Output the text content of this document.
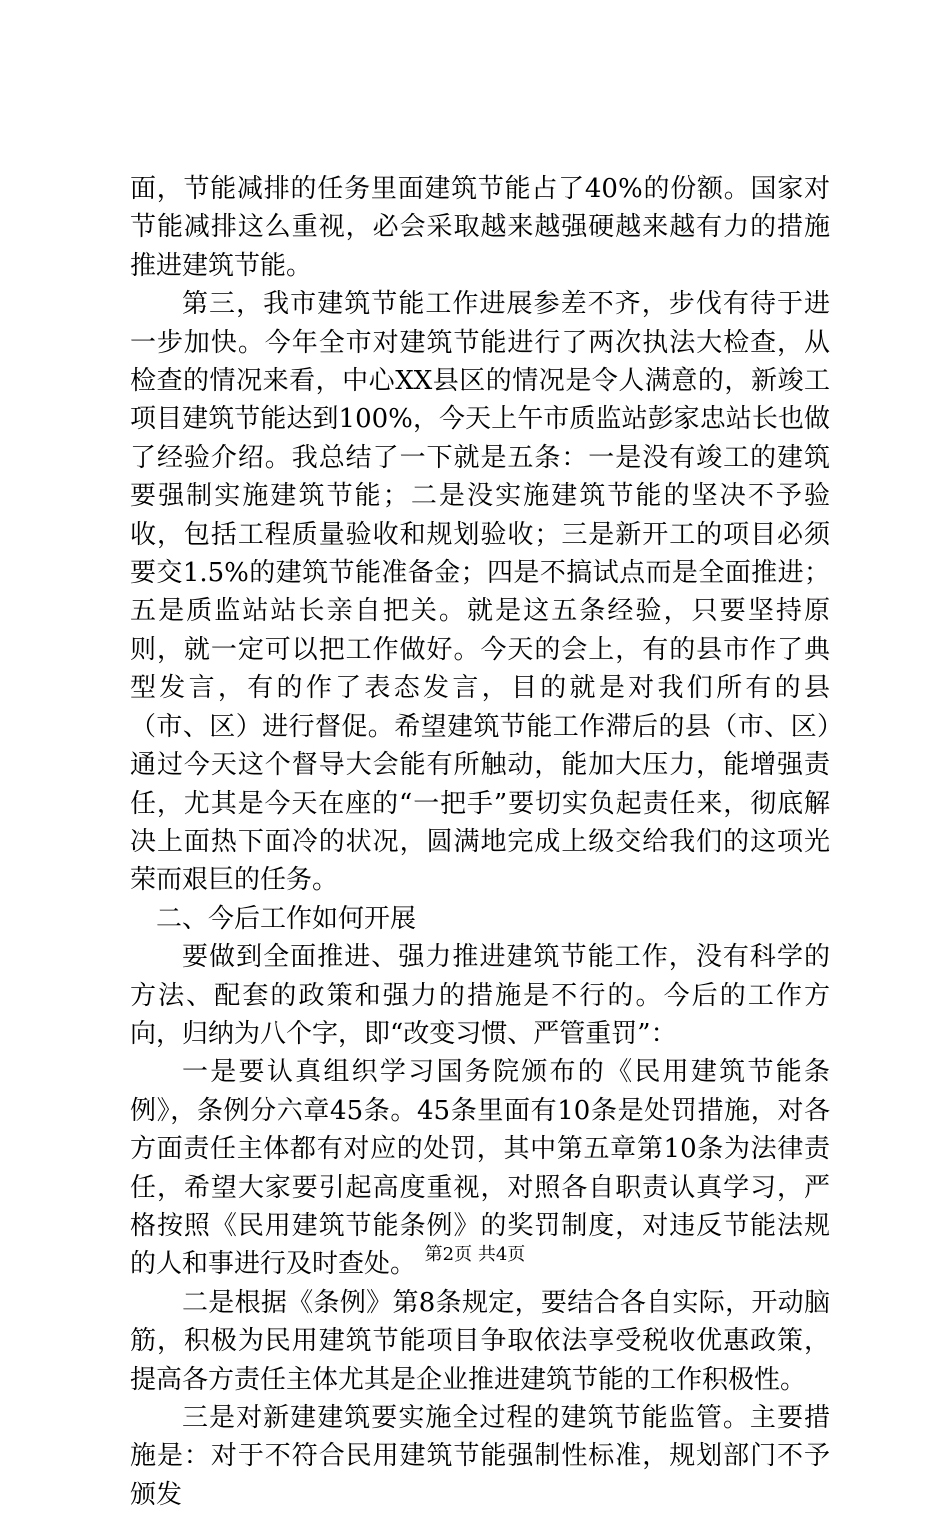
面，节能减排的任务里面建筑节能占了40%的份额。国家对节能减排这么重视，必会采取越来越强硬越来越有力的措施推进建筑节能。

第三，我市建筑节能工作进展参差不齐，步伐有待于进一步加快。今年全市对建筑节能进行了两次执法大检查，从检查的情况来看，中心XX县区的情况是令人满意的，新竣工项目建筑节能达到100%，今天上午市质监站彭家忠站长也做了经验介绍。我总结了一下就是五条：一是没有竣工的建筑要强制实施建筑节能；二是没实施建筑节能的坚决不予验收，包括工程质量验收和规划验收；三是新开工的项目必须要交1.5%的建筑节能准备金；四是不搞试点而是全面推进；五是质监站站长亲自把关。就是这五条经验，只要坚持原则，就一定可以把工作做好。今天的会上，有的县市作了典型发言，有的作了表态发言，目的就是对我们所有的县（市、区）进行督促。希望建筑节能工作滞后的县（市、区）通过今天这个督导大会能有所触动，能加大压力，能增强责任，尤其是今天在座的“一把手”要切实负起责任来，彻底解决上面热下面冷的状况，圆满地完成上级交给我们的这项光荣而艰巨的任务。

二、今后工作如何开展

要做到全面推进、强力推进建筑节能工作，没有科学的方法、配套的政策和强力的措施是不行的。今后的工作方向，归纳为八个字，即“改变习惯、严管重罚”：

一是要认真组织学习国务院颁布的《民用建筑节能条例》，条例分六章45条。45条里面有10条是处罚措施，对各方面责任主体都有对应的处罚，其中第五章第10条为法律责任，希望大家要引起高度重视，对照各自职责认真学习，严格按照《民用建筑节能条例》的奖罚制度，对违反节能法规的人和事进行及时查处。

二是根据《条例》第8条规定，要结合各自实际，开动脑筋，积极为民用建筑节能项目争取依法享受税收优惠政策，提高各方责任主体尤其是企业推进建筑节能的工作积极性。

三是对新建建筑要实施全过程的建筑节能监管。主要措施是：对于不符合民用建筑节能强制性标准，规划部门不予颁发

第2页 共4页
